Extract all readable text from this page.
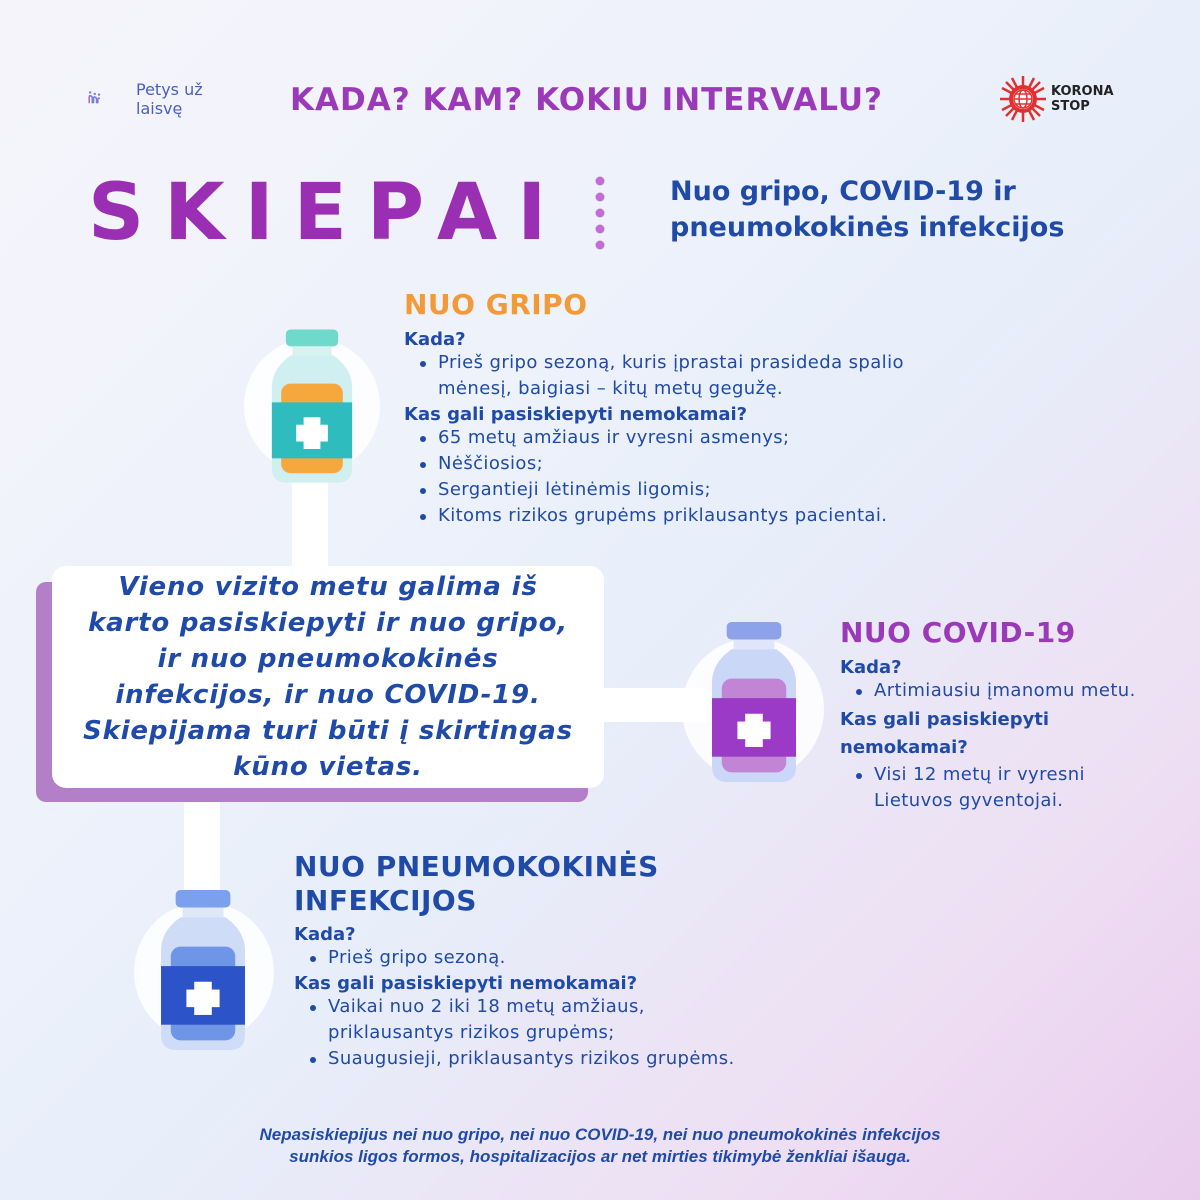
Petys už
laisvę	KADA? KAM? KOKIU INTERVALU?	KORONA
STOP
SKIEPAI	Nuo gripo, COVID-19 ir
pneumokokinės infekcijos
NUO GRIPO
Kada?
Prieš gripo sezoną, kuris įprastai prasideda spalio mėnesį, baigiasi – kitų metų gegužę.
Kas gali pasiskiepyti nemokamai?
65 metų amžiaus ir vyresni asmenys;
Nėščiosios;
Sergantieji lėtinėmis ligomis;
Kitoms rizikos grupėms priklausantys pacientai.
NUO COVID-19
Kada?
Artimiausiu įmanomu metu.
Kas gali pasiskiepyti nemokamai?
Visi 12 metų ir vyresni Lietuvos gyventojai.
NUO PNEUMOKOKINĖS
INFEKCIJOS
Kada?
Prieš gripo sezoną.
Kas gali pasiskiepyti nemokamai?
Vaikai nuo 2 iki 18 metų amžiaus, priklausantys rizikos grupėms;
Suaugusieji, priklausantys rizikos grupėms.
Vieno vizito metu galima iš karto pasiskiepyti ir nuo gripo, ir nuo pneumokokinės infekcijos, ir nuo COVID-19. Skiepijama turi būti į skirtingas kūno vietas.
Nepasiskiepijus nei nuo gripo, nei nuo COVID-19, nei nuo pneumokokinės infekcijos
sunkios ligos formos, hospitalizacijos ar net mirties tikimybė ženkliai išauga.
